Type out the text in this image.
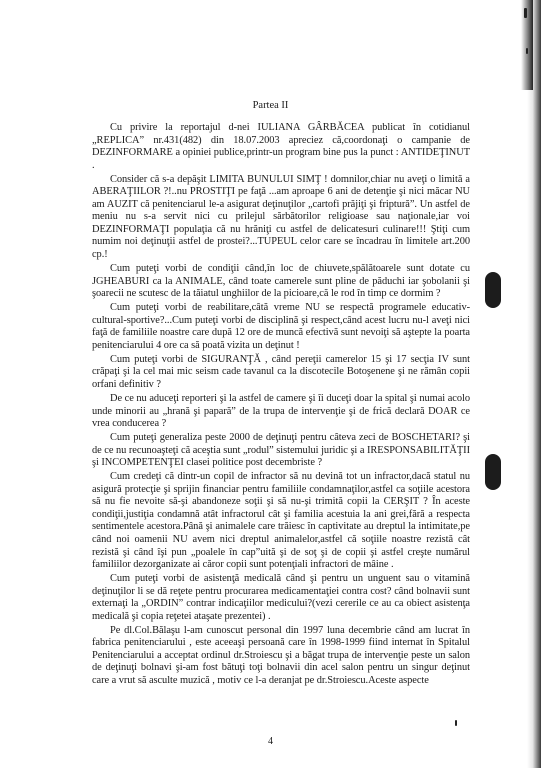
Partea II

Cu privire la reportajul d-nei IULIANA GÂRBĂCEA publicat în cotidianul „REPLICA” nr.431(482) din 18.07.2003 apreciez că,coordonaţi o campanie de DEZINFORMARE a opiniei publice,printr-un program bine pus la punct : ANTIDEŢINUT .

Consider că s-a depăşit LIMITA BUNULUI SIMŢ ! domnilor,chiar nu aveţi o limită a ABERAŢIILOR ?!..nu PROSTIŢI pe faţă ...am aproape 6 ani de detenţie şi nici măcar NU am AUZIT că penitenciarul le-a asigurat deţinuţilor „cartofi prăjiţi şi friptură”. Un astfel de meniu nu s-a servit nici cu prilejul sărbătorilor religioase sau naţionale,iar voi DEZINFORMAŢI populaţia că nu hrăniţi cu astfel de delicatesuri culinare!!! Ştiţi cum numim noi deţinuţii astfel de prostei?...TUPEUL celor care se încadrau în limitele art.200 cp.!

Cum puteţi vorbi de condiţii când,în loc de chiuvete,spălătoarele sunt dotate cu JGHEABURI ca la ANIMALE, când toate camerele sunt pline de păduchi iar şobolanii şi şoarecii ne scutesc de la tăiatul unghiilor de la picioare,că le rod în timp ce dormim ?

Cum puteţi vorbi de reabilitare,câtă vreme NU se respectă programele educativ-cultural-sportive?...Cum puteţi vorbi de disciplină şi respect,când acest lucru nu-l aveţi nici faţă de familiile noastre care după 12 ore de muncă efectivă sunt nevoiţi să aştepte la poarta penitenciarului 4 ore ca să poată vizita un deţinut !

Cum puteţi vorbi de SIGURANŢĂ , când pereţii camerelor 15 şi 17 secţia IV sunt crăpaţi şi la cel mai mic seism cade tavanul ca la discotecile Botoşenene şi ne rămân copii orfani definitiv ?

De ce nu aduceţi reporteri şi la astfel de camere şi îi duceţi doar la spital şi numai acolo unde minorii au „hrană şi papară” de la trupa de intervenţie şi de frică declară DOAR ce vrea conducerea ?

Cum puteţi generaliza peste 2000 de deţinuţi pentru câteva zeci de BOSCHETARI? şi de ce nu recunoaşteţi că aceştia sunt „rodul” sistemului juridic şi a IRESPONSABILITĂŢII şi INCOMPETENŢEI clasei politice post decembriste ?

Cum credeţi că dintr-un copil de infractor să nu devină tot un infractor,dacă statul nu asigură protecţie şi sprijin financiar pentru familiile condamnaţilor,astfel ca soţiile acestora să nu fie nevoite să-şi abandoneze soţii şi să nu-şi trimită copii la CERŞIT ? În aceste condiţii,justiţia condamnă atât infractorul cât şi familia acestuia la ani grei,fără a respecta sentimentele acestora.Până şi animalele care trăiesc în captivitate au dreptul la intimitate,pe când noi oamenii NU avem nici dreptul animalelor,astfel că soţiile noastre rezistă cât rezistă şi când îşi pun „poalele în cap”uită şi de soţ şi de copii şi astfel creşte numărul familiilor dezorganizate ai căror copii sunt potenţiali infractori de mâine .

Cum puteţi vorbi de asistenţă medicală când şi pentru un unguent sau o vitamină deţinuţilor li se dă reţete pentru procurarea medicamentaţiei contra cost? când bolnavii sunt externaţi la „ORDIN” contrar indicaţiilor medicului?(vezi cererile ce au ca obiect asistenţa medicală şi copia reţetei ataşate prezentei) .

Pe dl.Col.Bălaşu l-am cunoscut personal din 1997 luna decembrie când am lucrat în fabrica penitenciarului , este aceeaşi persoană care în 1998-1999 fiind internat în Spitalul Penitenciarului a acceptat ordinul dr.Stroiescu şi a băgat trupa de intervenţie peste un salon de deţinuţi bolnavi şi-am fost bătuţi toţi bolnavii din acel salon pentru un singur deţinut care a vrut să asculte muzică , motiv ce l-a deranjat pe dr.Stroiescu.Aceste aspecte

4
